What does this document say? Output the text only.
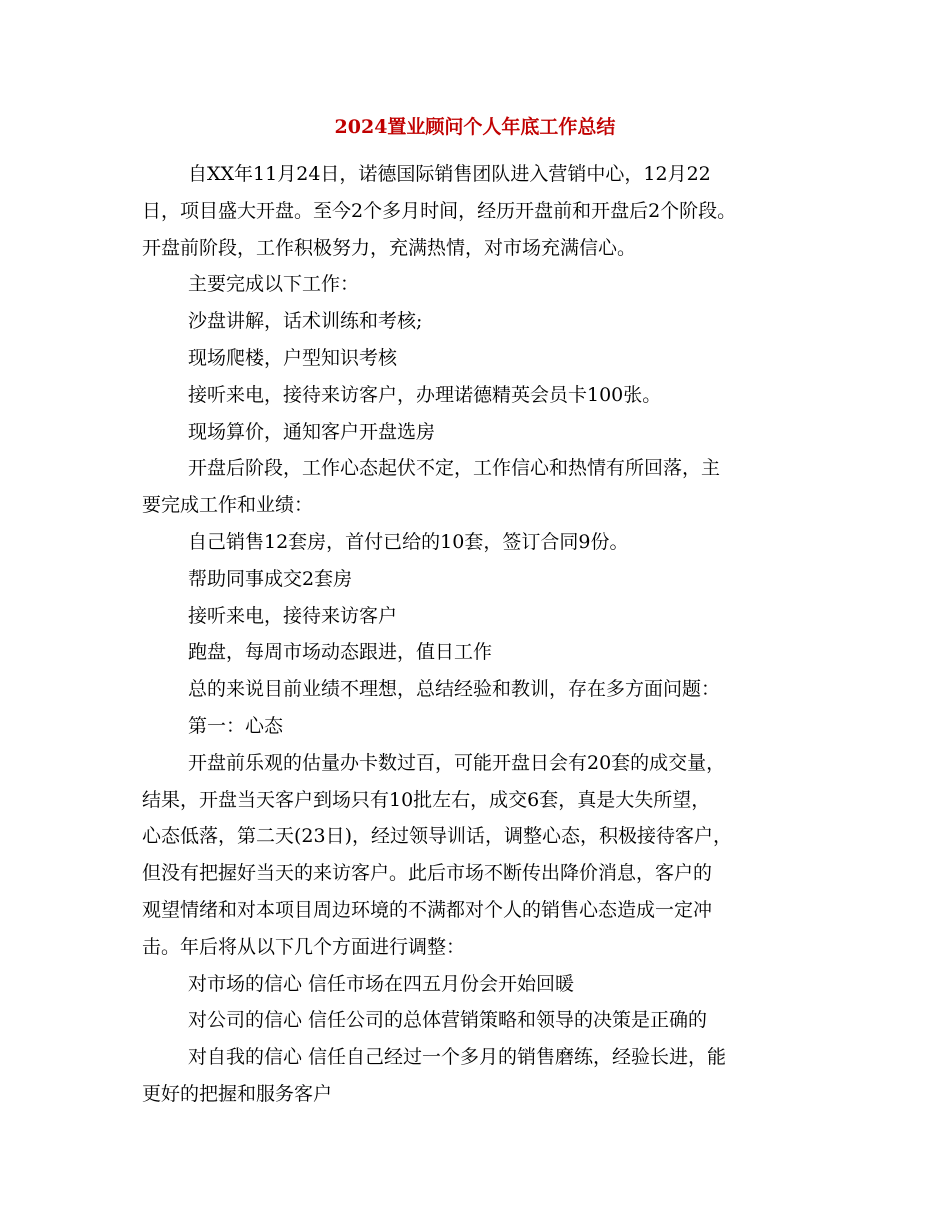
2024置业顾问个人年底工作总结
自XX年11月24日，诺德国际销售团队进入营销中心，12月22
日，项目盛大开盘。至今2个多月时间，经历开盘前和开盘后2个阶段。
开盘前阶段，工作积极努力，充满热情，对市场充满信心。
主要完成以下工作：
沙盘讲解，话术训练和考核;
现场爬楼，户型知识考核
接听来电，接待来访客户，办理诺德精英会员卡100张。
现场算价，通知客户开盘选房
开盘后阶段，工作心态起伏不定，工作信心和热情有所回落，主
要完成工作和业绩：
自己销售12套房，首付已给的10套，签订合同9份。
帮助同事成交2套房
接听来电，接待来访客户
跑盘，每周市场动态跟进，值日工作
总的来说目前业绩不理想，总结经验和教训，存在多方面问题：
第一：心态
开盘前乐观的估量办卡数过百，可能开盘日会有20套的成交量，
结果，开盘当天客户到场只有10批左右，成交6套，真是大失所望，
心态低落，第二天(23日)，经过领导训话，调整心态，积极接待客户，
但没有把握好当天的来访客户。此后市场不断传出降价消息，客户的
观望情绪和对本项目周边环境的不满都对个人的销售心态造成一定冲
击。年后将从以下几个方面进行调整：
对市场的信心 信任市场在四五月份会开始回暖
对公司的信心 信任公司的总体营销策略和领导的决策是正确的
对自我的信心 信任自己经过一个多月的销售磨练，经验长进，能
更好的把握和服务客户
